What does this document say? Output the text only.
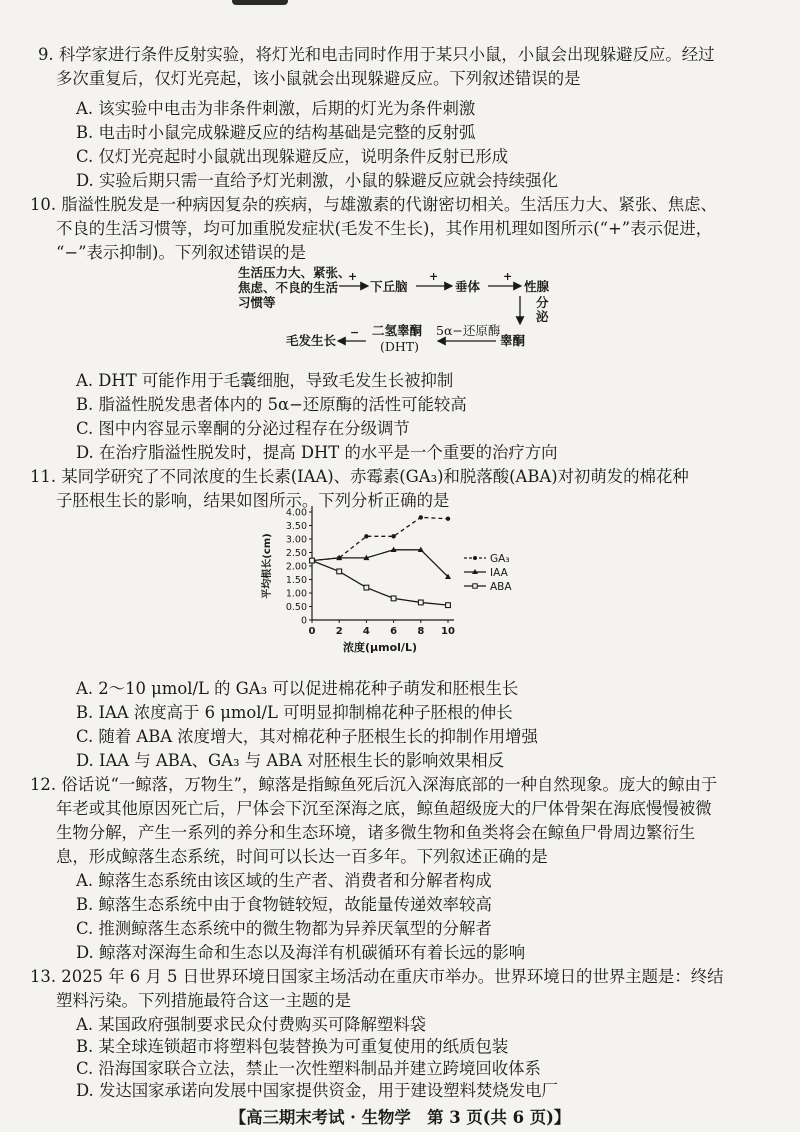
9. 科学家进行条件反射实验，将灯光和电击同时作用于某只小鼠，小鼠会出现躲避反应。经过
多次重复后，仅灯光亮起，该小鼠就会出现躲避反应。下列叙述错误的是
A. 该实验中电击为非条件刺激，后期的灯光为条件刺激
B. 电击时小鼠完成躲避反应的结构基础是完整的反射弧
C. 仅灯光亮起时小鼠就出现躲避反应，说明条件反射已形成
D. 实验后期只需一直给予灯光刺激，小鼠的躲避反应就会持续强化
10. 脂溢性脱发是一种病因复杂的疾病，与雄激素的代谢密切相关。生活压力大、紧张、焦虑、
不良的生活习惯等，均可加重脱发症状(毛发不生长)，其作用机理如图所示(“+”表示促进，
“−”表示抑制)。下列叙述错误的是
生活压力大、紧张、
焦虑、不良的生活
习惯等
+
下丘脑
+
垂体
+
性腺
分泌
睾酮
5α−还原酶
二氢睾酮
(DHT)
−
毛发生长
A. DHT 可能作用于毛囊细胞，导致毛发生长被抑制
B. 脂溢性脱发患者体内的 5α−还原酶的活性可能较高
C. 图中内容显示睾酮的分泌过程存在分级调节
D. 在治疗脂溢性脱发时，提高 DHT 的水平是一个重要的治疗方向
11. 某同学研究了不同浓度的生长素(IAA)、赤霉素(GA₃)和脱落酸(ABA)对初萌发的棉花种
子胚根生长的影响，结果如图所示。下列分析正确的是
0
0.50
1.00
1.50
2.00
2.50
3.00
3.50
4.00
0 2 4 6 8 10
浓度(μmol/L)
平均根长(cm)	GA₃
IAA
ABA
A. 2～10 μmol/L 的 GA₃ 可以促进棉花种子萌发和胚根生长
B. IAA 浓度高于 6 μmol/L 可明显抑制棉花种子胚根的伸长
C. 随着 ABA 浓度增大，其对棉花种子胚根生长的抑制作用增强
D. IAA 与 ABA、GA₃ 与 ABA 对胚根生长的影响效果相反
12. 俗话说“一鲸落，万物生”，鲸落是指鲸鱼死后沉入深海底部的一种自然现象。庞大的鲸由于
年老或其他原因死亡后，尸体会下沉至深海之底，鲸鱼超级庞大的尸体骨架在海底慢慢被微
生物分解，产生一系列的养分和生态环境，诸多微生物和鱼类将会在鲸鱼尸骨周边繁衍生
息，形成鲸落生态系统，时间可以长达一百多年。下列叙述正确的是
A. 鲸落生态系统由该区域的生产者、消费者和分解者构成
B. 鲸落生态系统中由于食物链较短，故能量传递效率较高
C. 推测鲸落生态系统中的微生物都为异养厌氧型的分解者
D. 鲸落对深海生命和生态以及海洋有机碳循环有着长远的影响
13. 2025 年 6 月 5 日世界环境日国家主场活动在重庆市举办。世界环境日的世界主题是：终结
塑料污染。下列措施最符合这一主题的是
A. 某国政府强制要求民众付费购买可降解塑料袋
B. 某全球连锁超市将塑料包装替换为可重复使用的纸质包装
C. 沿海国家联合立法，禁止一次性塑料制品并建立跨境回收体系
D. 发达国家承诺向发展中国家提供资金，用于建设塑料焚烧发电厂
【高三期末考试 · 生物学　第 3 页(共 6 页)】
